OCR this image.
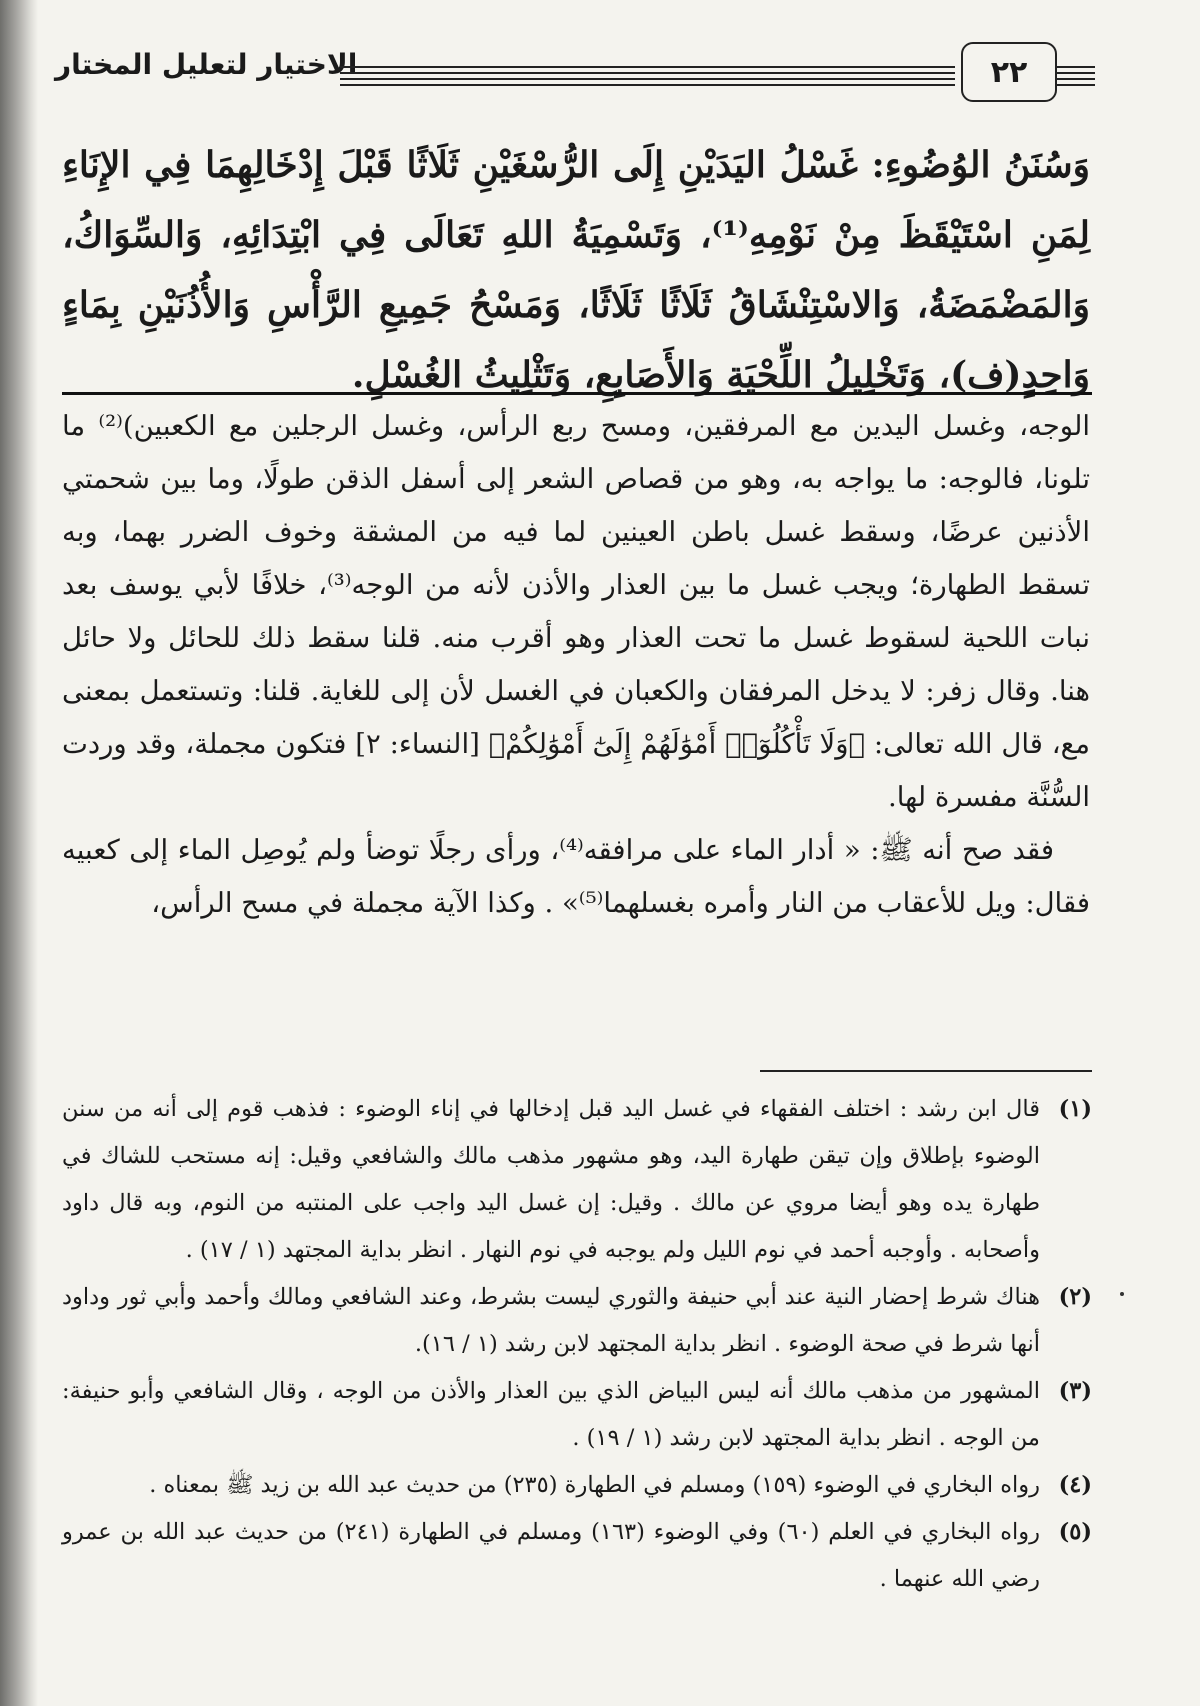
الاختيار لتعليل المختار	٢٢

وَسُنَنُ الوُضُوءِ: غَسْلُ اليَدَيْنِ إِلَى الرُّسْغَيْنِ ثَلَاثًا قَبْلَ إِدْخَالِهِمَا فِي الإِنَاءِ لِمَنِ اسْتَيْقَظَ مِنْ نَوْمِهِ⁽¹⁾، وَتَسْمِيَةُ اللهِ تَعَالَى فِي ابْتِدَائِهِ، وَالسِّوَاكُ، وَالمَضْمَضَةُ، وَالاسْتِنْشَاقُ ثَلَاثًا ثَلَاثًا، وَمَسْحُ جَمِيعِ الرَّأْسِ وَالأُذُنَيْنِ بِمَاءٍ وَاحِدٍ(ف)، وَتَخْلِيلُ اللِّحْيَةِ وَالأَصَابِعِ، وَتَثْلِيثُ الغُسْلِ.

الوجه، وغسل اليدين مع المرفقين، ومسح ربع الرأس، وغسل الرجلين مع الكعبين)⁽²⁾ ما تلونا، فالوجه: ما يواجه به، وهو من قصاص الشعر إلى أسفل الذقن طولًا، وما بين شحمتي الأذنين عرضًا، وسقط غسل باطن العينين لما فيه من المشقة وخوف الضرر بهما، وبه تسقط الطهارة؛ ويجب غسل ما بين العذار والأذن لأنه من الوجه⁽³⁾، خلافًا لأبي يوسف بعد نبات اللحية لسقوط غسل ما تحت العذار وهو أقرب منه. قلنا سقط ذلك للحائل ولا حائل هنا. وقال زفر: لا يدخل المرفقان والكعبان في الغسل لأن إلى للغاية. قلنا: وتستعمل بمعنى مع، قال الله تعالى: ﴿وَلَا تَأْكُلُوٓا۟ أَمْوَٰلَهُمْ إِلَىٰٓ أَمْوَٰلِكُمْ﴾ [النساء: ٢] فتكون مجملة، وقد وردت السُّنَّة مفسرة لها.

فقد صح أنه ﷺ: « أدار الماء على مرافقه⁽⁴⁾، ورأى رجلًا توضأ ولم يُوصِل الماء إلى كعبيه فقال: ويل للأعقاب من النار وأمره بغسلهما⁽⁵⁾» . وكذا الآية مجملة في مسح الرأس،

(١)
قال ابن رشد : اختلف الفقهاء في غسل اليد قبل إدخالها في إناء الوضوء : فذهب قوم إلى أنه من سنن الوضوء بإطلاق وإن تيقن طهارة اليد، وهو مشهور مذهب مالك والشافعي وقيل: إنه مستحب للشاك في طهارة يده وهو أيضا مروي عن مالك . وقيل: إن غسل اليد واجب على المنتبه من النوم، وبه قال داود وأصحابه . وأوجبه أحمد في نوم الليل ولم يوجبه في نوم النهار . انظر بداية المجتهد (١ / ١٧) .
(٢)
هناك شرط إحضار النية عند أبي حنيفة والثوري ليست بشرط، وعند الشافعي ومالك وأحمد وأبي ثور وداود أنها شرط في صحة الوضوء . انظر بداية المجتهد لابن رشد (١ / ١٦).
(٣)
المشهور من مذهب مالك أنه ليس البياض الذي بين العذار والأذن من الوجه ، وقال الشافعي وأبو حنيفة: من الوجه . انظر بداية المجتهد لابن رشد (١ / ١٩) .
(٤)
رواه البخاري في الوضوء (١٥٩) ومسلم في الطهارة (٢٣٥) من حديث عبد الله بن زيد ﷺ بمعناه .
(٥)
رواه البخاري في العلم (٦٠) وفي الوضوء (١٦٣) ومسلم في الطهارة (٢٤١) من حديث عبد الله بن عمرو رضي الله عنهما .
